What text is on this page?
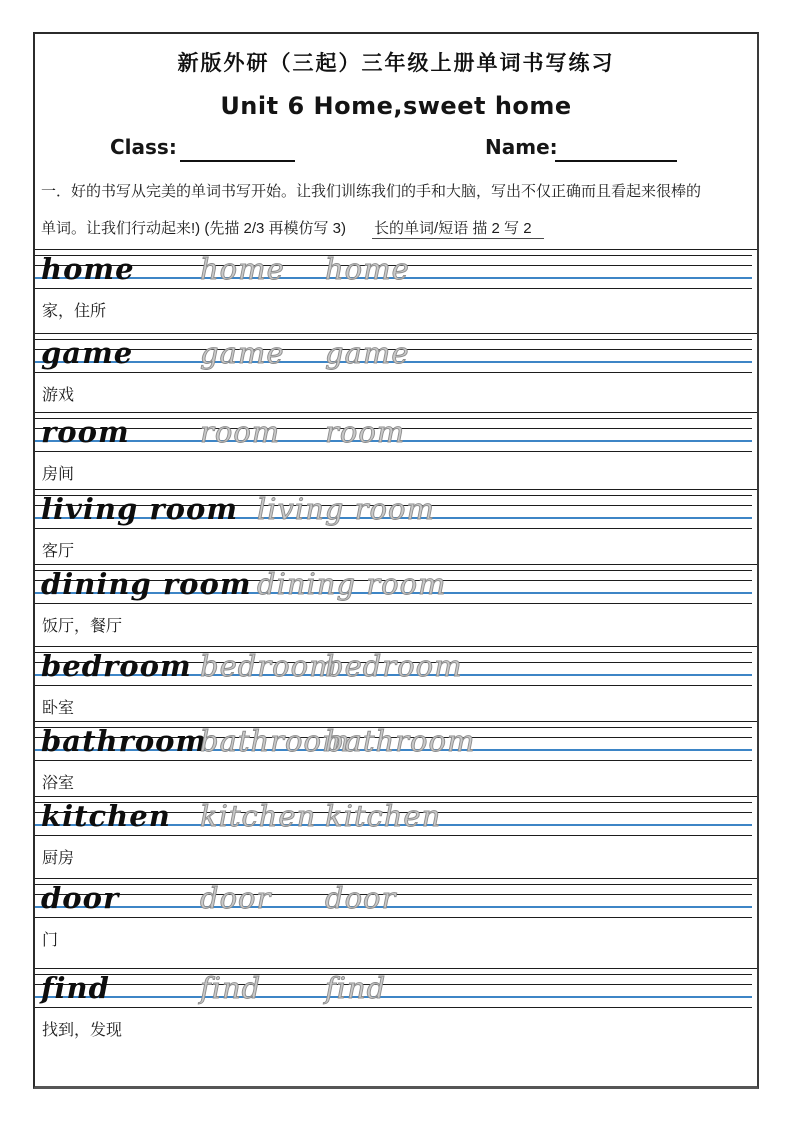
新版外研（三起）三年级上册单词书写练习
Unit 6 Home,sweet home
Class:	Name:
一．好的书写从完美的单词书写开始。让我们训练我们的手和大脑，写出不仅正确而且看起来很棒的
单词。让我们行动起来!) (先描 2/3 再模仿写 3) 长的单词/短语 描 2 写 2
home home home
家，住所
game game game
游戏
room room room
房间
living room living room
客厅
dining room dining room
饭厅，餐厅
bedroom bedroom
bedroom
卧室
bathroom
bathroom
bathroom
浴室
kitchen kitchen kitchen
厨房
door	door door
门
find	find find
找到，发现
